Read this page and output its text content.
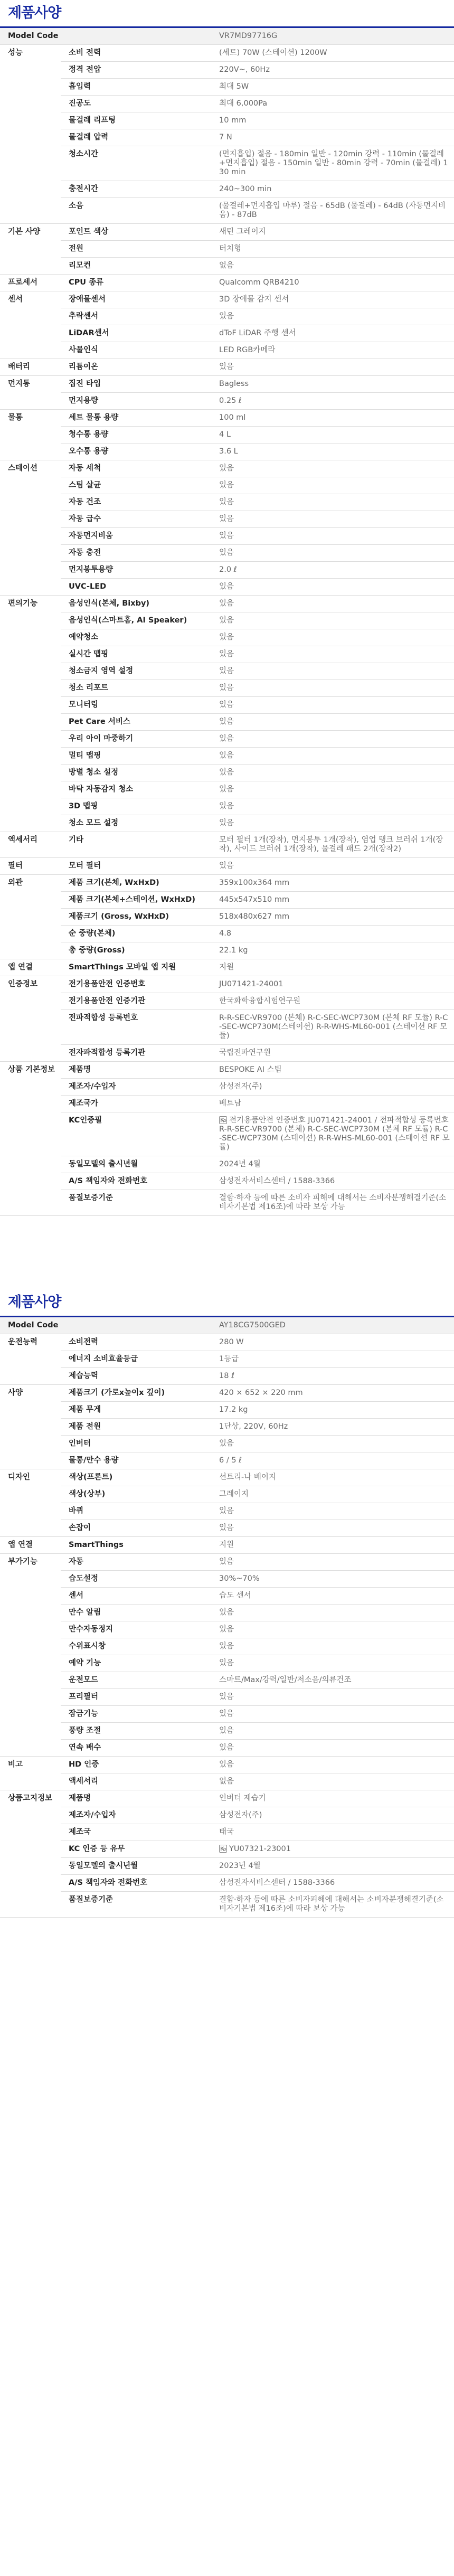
제품사양
Model Code		VR7MD97716G
성능	소비 전력	(세트) 70W (스테이션) 1200W
	정격 전압	220V~, 60Hz
	흡입력	최대 5W
	진공도	최대 6,000Pa
	물걸레 리프팅	10 mm
	물걸레 압력	7 N
	청소시간	(먼지흡입) 절음 - 180min 일반 - 120min 강력 - 110min (물걸레+먼지흡입) 절음 - 150min 일반 - 80min 강력 - 70min (물걸레) 130 min
	충전시간	240~300 min
	소음	(물걸레+먼지흡입 마루) 절음 - 65dB (물걸레) - 64dB (자동먼지비움) - 87dB
기본 사양	포인트 색상	새틴 그레이지
	전원	터치형
	리모컨	없음
프로세서	CPU 종류	Qualcomm QRB4210
센서	장애물센서	3D 장애물 감지 센서
	추락센서	있음
	LiDAR센서	dToF LiDAR 주행 센서
	사물인식	LED RGB카메라
배터리	리튬이온	있음
먼지통	집진 타입	Bagless
	먼지용량	0.25 ℓ
물통	세트 물통 용량	100 ml
	청수통 용량	4 L
	오수통 용량	3.6 L
스테이션	자동 세척	있음
	스팀 살균	있음
	자동 건조	있음
	자동 급수	있음
	자동먼지비움	있음
	자동 충전	있음
	먼지봉투용량	2.0 ℓ
	UVC-LED	있음
편의기능	음성인식(본체, Bixby)	있음
	음성인식(스마트홈, AI Speaker)	있음
	예약청소	있음
	실시간 맵핑	있음
	청소금지 영역 설정	있음
	청소 리포트	있음
	모니터링	있음
	Pet Care 서비스	있음
	우리 아이 마중하기	있음
	멀티 맵핑	있음
	방별 청소 설정	있음
	바닥 자동감지 청소	있음
	3D 맵핑	있음
	청소 모드 설정	있음
액세서리	기타	모터 필터 1개(장착), 먼지봉투 1개(장착), 염업 탱크 브러쉬 1개(장착), 사이드 브러쉬 1개(장착), 물걸레 패드 2개(장착2)
필터	모터 필터	있음
외관	제품 크기(본체, WxHxD)	359x100x364 mm
	제품 크기(본체+스테이션, WxHxD)	445x547x510 mm
	제품크기 (Gross, WxHxD)	518x480x627 mm
	순 중량(본체)	4.8
	총 중량(Gross)	22.1 kg
앱 연결	SmartThings 모바일 앱 지원	지원
인증정보	전기용품안전 인증번호	JU071421-24001
	전기용품안전 인증기관	한국화학융합시험연구원
	전파적합성 등록번호	R-R-SEC-VR9700 (본체) R-C-SEC-WCP730M (본체 RF 모듈) R-C-SEC-WCP730M(스테이션) R-R-WHS-ML60-001 (스테이션 RF 모듈)
	전자파적합성 등록기관	국립전파연구원
상품 기본정보	제품명	BESPOKE AI 스팀
	제조자/수입자	삼성전자(주)
	제조국가	베트남
	KC인증필	전기용품안전 인증번호 JU071421-24001 / 전파적합성 등록번호 R-R-SEC-VR9700 (본체) R-C-SEC-WCP730M (본체 RF 모듈) R-C-SEC-WCP730M (스테이션) R-R-WHS-ML60-001 (스테이션 RF 모듈)
	동일모델의 출시년월	2024년 4월
	A/S 책임자와 전화번호	삼성전자서비스센터 / 1588-3366
	품질보증기준	결함·하자 등에 따른 소비자 피해에 대해서는 소비자분쟁해결기준(소비자기본법 제16조)에 따라 보상 가능
제품사양
Model Code		AY18CG7500GED
운전능력	소비전력	280 W
	에너지 소비효율등급	1등급
	제습능력	18 ℓ
사양	제품크기 (가로x높이x 깊이)	420 × 652 × 220 mm
	제품 무게	17.2 kg
	제품 전원	1단상, 220V, 60Hz
	인버터	있음
	물통/만수 용량	6 / 5 ℓ
디자인	색상(프론트)	선트리-나 베이지
	색상(상부)	그레이지
	바퀴	있음
	손잡이	있음
앱 연결	SmartThings	지원
부가기능	자동	있음
	습도설정	30%~70%
	센서	습도 센서
	만수 알림	있음
	만수자동정지	있음
	수위표시창	있음
	예약 기능	있음
	운전모드	스마트/Max/강력/일반/저소음/의류건조
	프리필터	있음
	잠금기능	있음
	풍량 조절	있음
	연속 배수	있음
비고	HD 인증	있음
	액세서리	없음
상품고지정보	제품명	인버터 제습기
	제조자/수입자	삼성전자(주)
	제조국	태국
	KC 인증 등 유무	YU07321-23001
	동일모델의 출시년월	2023년 4월
	A/S 책임자와 전화번호	삼성전자서비스센터 / 1588-3366
	품질보증기준	결함·하자 등에 따른 소비자피해에 대해서는 소비자분쟁해결기준(소비자기본법 제16조)에 따라 보상 가능
